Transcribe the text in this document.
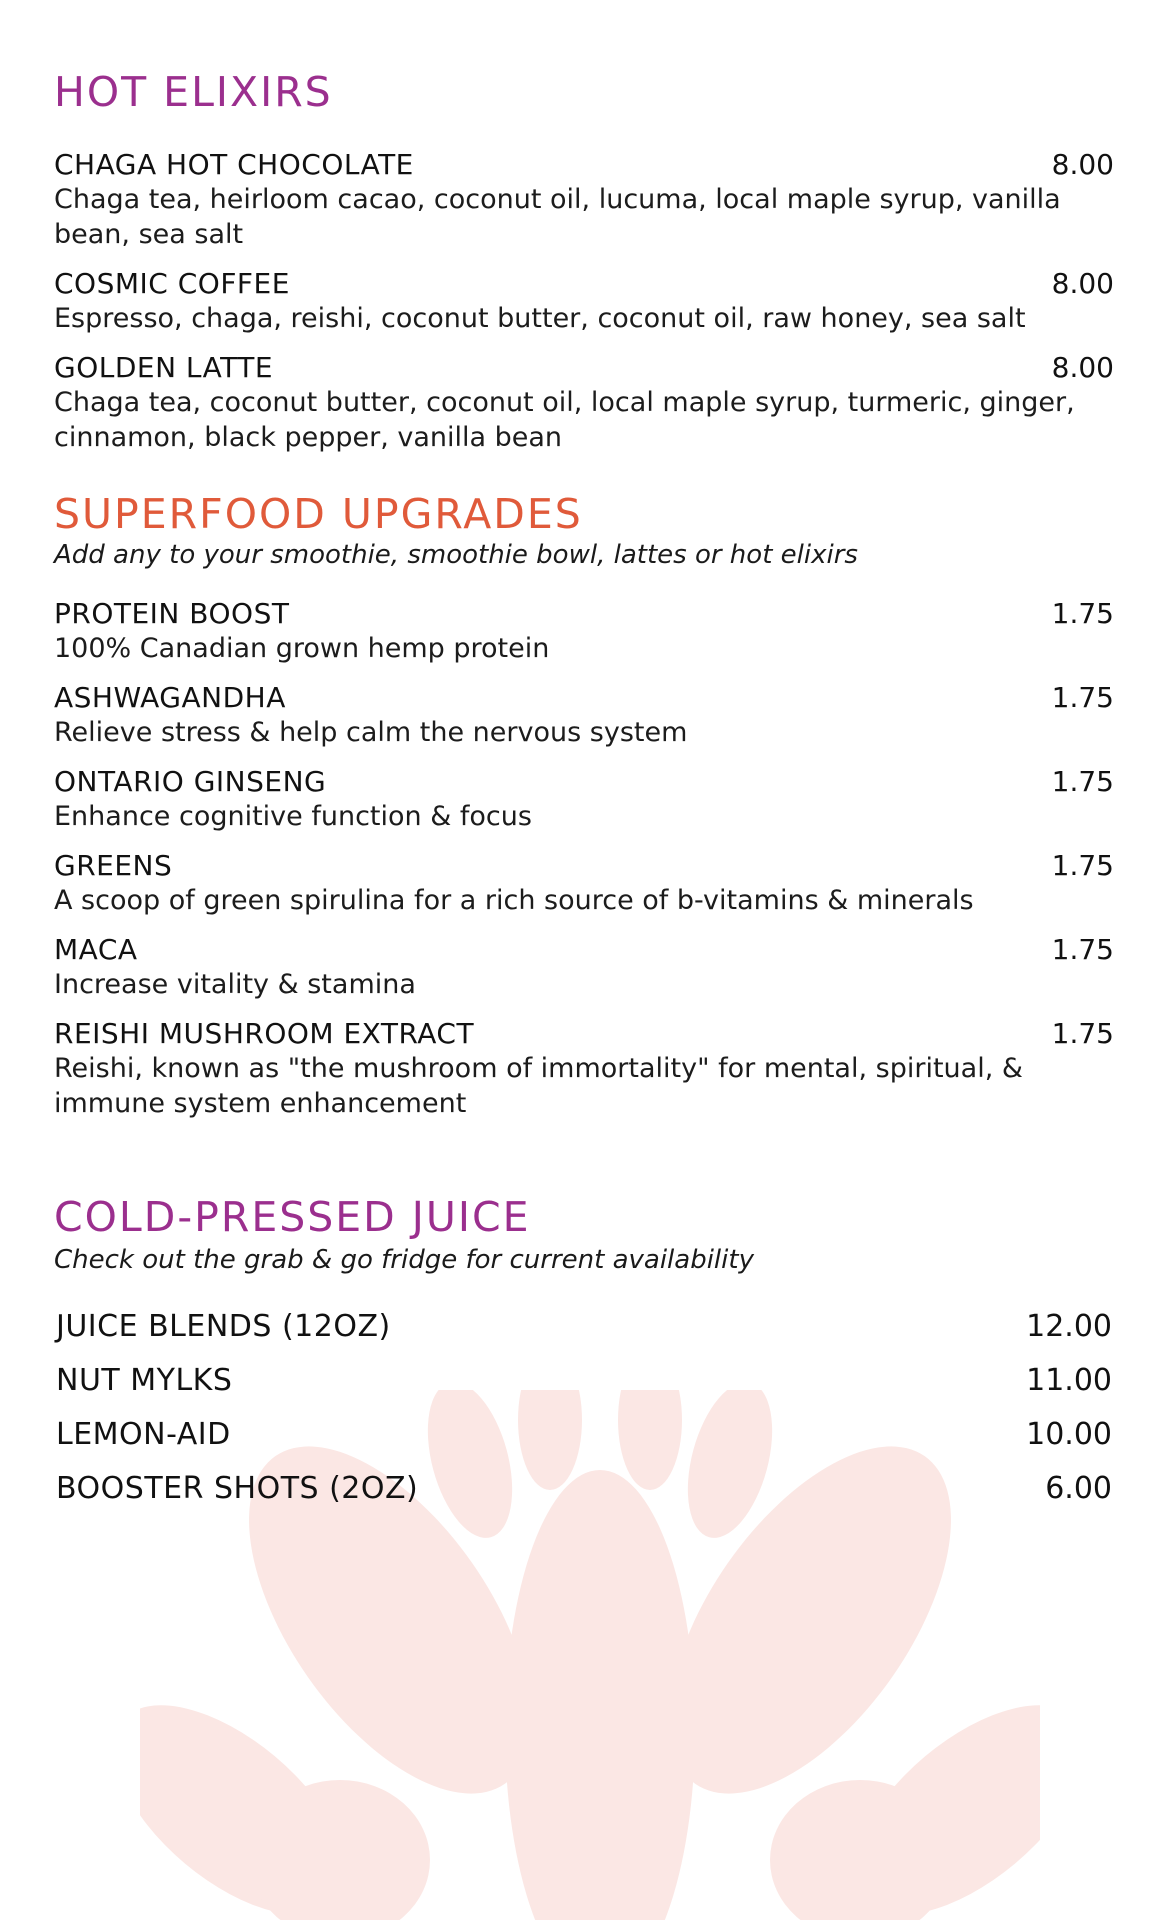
HOT ELIXIRS
CHAGA HOT CHOCOLATE	8.00
Chaga tea, heirloom cacao, coconut oil, lucuma, local maple syrup, vanilla bean, sea salt
COSMIC COFFEE	8.00
Espresso, chaga, reishi, coconut butter, coconut oil, raw honey, sea salt
GOLDEN LATTE	8.00
Chaga tea, coconut butter, coconut oil, local maple syrup, turmeric, ginger, cinnamon, black pepper, vanilla bean
SUPERFOOD UPGRADES

Add any to your smoothie, smoothie bowl, lattes or hot elixirs

PROTEIN BOOST	1.75
100% Canadian grown hemp protein
ASHWAGANDHA	1.75
Relieve stress & help calm the nervous system
ONTARIO GINSENG	1.75
Enhance cognitive function & focus
GREENS	1.75
A scoop of green spirulina for a rich source of b-vitamins & minerals
MACA	1.75
Increase vitality & stamina
REISHI MUSHROOM EXTRACT	1.75
Reishi, known as "the mushroom of immortality" for mental, spiritual, & immune system enhancement
COLD-PRESSED JUICE

Check out the grab & go fridge for current availability

JUICE BLENDS (12OZ)	12.00
NUT MYLKS	11.00
LEMON-AID	10.00
BOOSTER SHOTS (2OZ)	6.00
